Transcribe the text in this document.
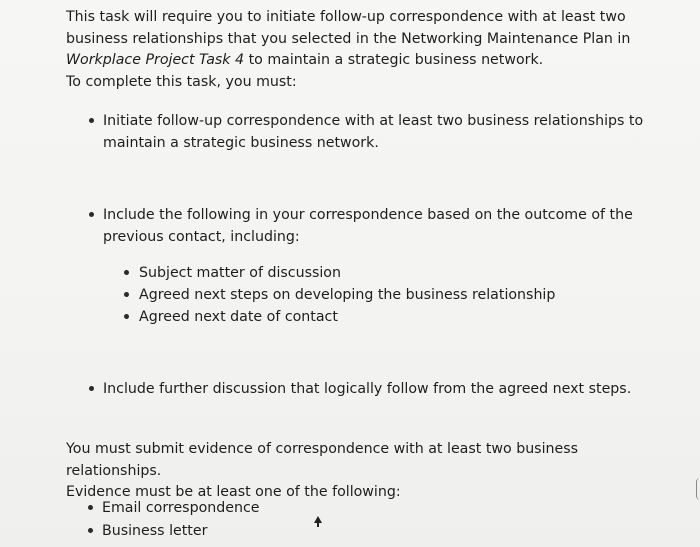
This task will require you to initiate follow-up correspondence with at least two
business relationships that you selected in the Networking Maintenance Plan in
Workplace Project Task 4 to maintain a strategic business network.
To complete this task, you must:
Initiate follow-up correspondence with at least two business relationships to
maintain a strategic business network.
Include the following in your correspondence based on the outcome of the
previous contact, including:
Subject matter of discussion
Agreed next steps on developing the business relationship
Agreed next date of contact
Include further discussion that logically follow from the agreed next steps.
You must submit evidence of correspondence with at least two business relationships.
Evidence must be at least one of the following:
Email correspondence
Business letter
